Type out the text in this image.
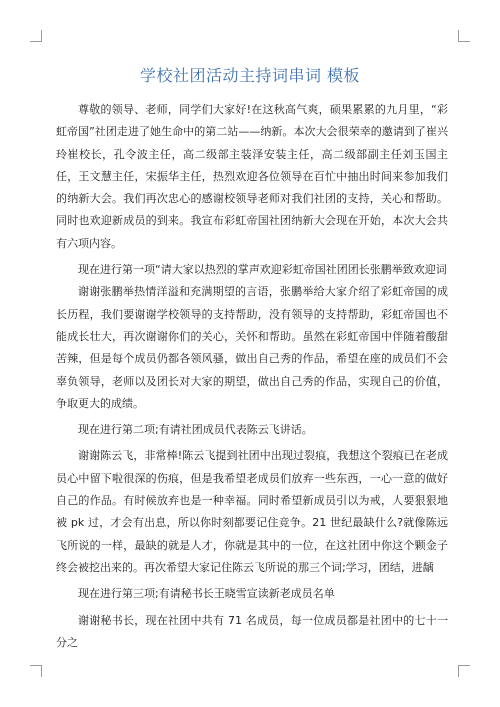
学校社团活动主持词串词 模板

尊敬的领导、老师，同学们大家好!在这秋高气爽，硕果累累的九月里，“彩虹帝国”社团走进了她生命中的第二站——纳新。本次大会很荣幸的邀请到了崔兴玲崔校长，孔令波主任，高二级部主装泽安装主任，高二级部副主任刘玉国主任，王文慧主任，宋振华主任，热烈欢迎各位领导在百忙中抽出时间来参加我们的纳新大会。我们再次忠心的感谢校领导老师对我们社团的支持，关心和帮助。同时也欢迎新成员的到来。我宣布彩虹帝国社团纳新大会现在开始，本次大会共有六项内容。

现在进行第一项“请大家以热烈的掌声欢迎彩虹帝国社团团长张鹏举致欢迎词

谢谢张鹏举热情洋溢和充满期望的言语，张鹏举给大家介绍了彩虹帝国的成长历程，我们要谢谢学校领导的支持帮助，没有领导的支持帮助，彩虹帝国也不能成长壮大，再次谢谢你们的关心，关怀和帮助。虽然在彩虹帝国中伴随着酸甜苦辣，但是每个成员仍都各领风骚，做出自己秀的作品，希望在座的成员们不会辜负领导，老师以及团长对大家的期望，做出自己秀的作品，实现自己的价值，争取更大的成绩。

现在进行第二项;有请社团成员代表陈云飞讲话。

谢谢陈云飞，非常棒!陈云飞提到社团中出现过裂痕，我想这个裂痕已在老成员心中留下啦很深的伤痕，但是我希望老成员们放弃一些东西，一心一意的做好自己的作品。有时候放弃也是一种幸福。同时希望新成员引以为戒，人要狠狠地被 pk 过，才会有出息，所以你时刻都要记住竞争。21 世纪最缺什么?就像陈远飞所说的一样，最缺的就是人才，你就是其中的一位，在这社团中你这个颗金子终会被挖出来的。再次希望大家记住陈云飞所说的那三个词;学习，团结，进龋

现在进行第三项;有请秘书长王晓雪宣读新老成员名单

谢谢秘书长，现在社团中共有 71 名成员，每一位成员都是社团中的七十一分之
